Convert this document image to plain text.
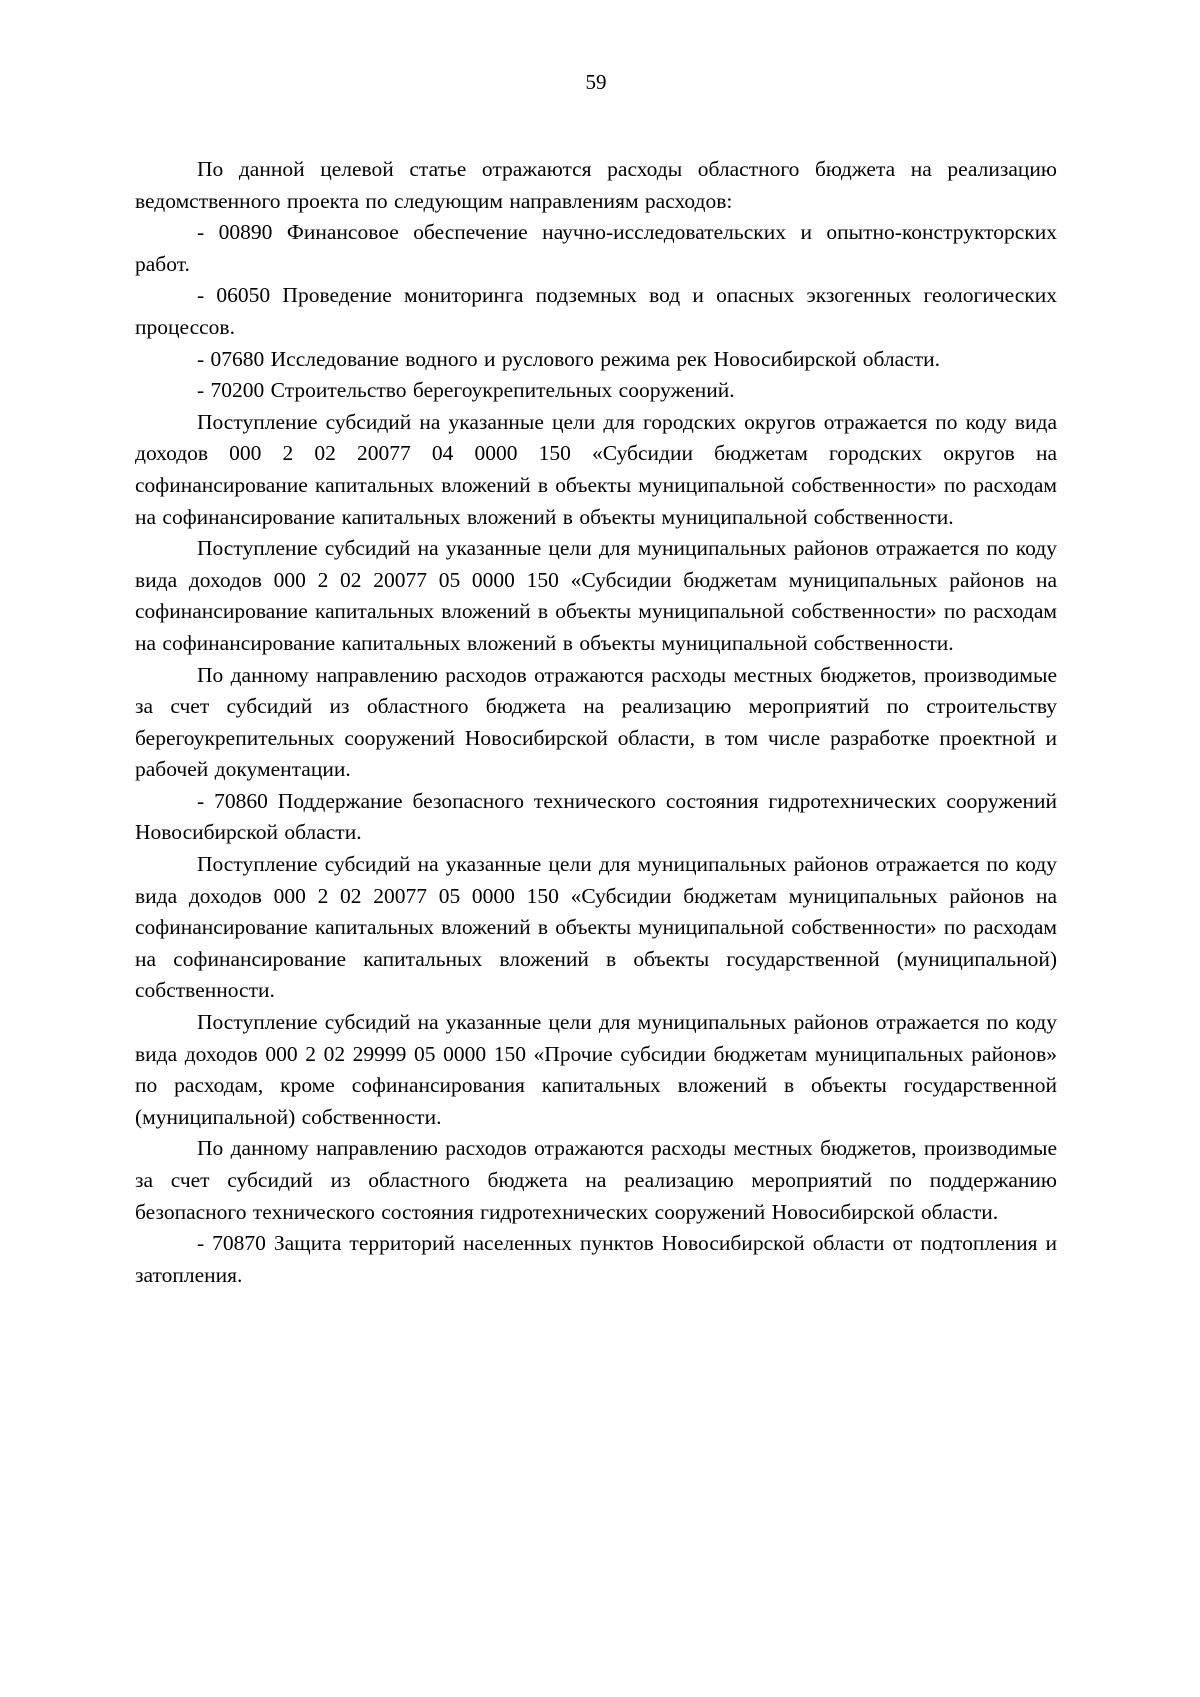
59

По данной целевой статье отражаются расходы областного бюджета на реализацию ведомственного проекта по следующим направлениям расходов:

- 00890 Финансовое обеспечение научно-исследовательских и опытно-конструкторских работ.

- 06050 Проведение мониторинга подземных вод и опасных экзогенных геологических процессов.

- 07680 Исследование водного и руслового режима рек Новосибирской области.

- 70200 Строительство берегоукрепительных сооружений.

Поступление субсидий на указанные цели для городских округов отражается по коду вида доходов 000 2 02 20077 04 0000 150 «Субсидии бюджетам городских округов на софинансирование капитальных вложений в объекты муниципальной собственности» по расходам на софинансирование капитальных вложений в объекты муниципальной собственности.

Поступление субсидий на указанные цели для муниципальных районов отражается по коду вида доходов 000 2 02 20077 05 0000 150 «Субсидии бюджетам муниципальных районов на софинансирование капитальных вложений в объекты муниципальной собственности» по расходам на софинансирование капитальных вложений в объекты муниципальной собственности.

По данному направлению расходов отражаются расходы местных бюджетов, производимые за счет субсидий из областного бюджета на реализацию мероприятий по строительству берегоукрепительных сооружений Новосибирской области, в том числе разработке проектной и рабочей документации.

- 70860 Поддержание безопасного технического состояния гидротехнических сооружений Новосибирской области.

Поступление субсидий на указанные цели для муниципальных районов отражается по коду вида доходов 000 2 02 20077 05 0000 150 «Субсидии бюджетам муниципальных районов на софинансирование капитальных вложений в объекты муниципальной собственности» по расходам на софинансирование капитальных вложений в объекты государственной (муниципальной) собственности.

Поступление субсидий на указанные цели для муниципальных районов отражается по коду вида доходов 000 2 02 29999 05 0000 150 «Прочие субсидии бюджетам муниципальных районов» по расходам, кроме софинансирования капитальных вложений в объекты государственной (муниципальной) собственности.

По данному направлению расходов отражаются расходы местных бюджетов, производимые за счет субсидий из областного бюджета на реализацию мероприятий по поддержанию безопасного технического состояния гидротехнических сооружений Новосибирской области.

- 70870 Защита территорий населенных пунктов Новосибирской области от подтопления и затопления.
